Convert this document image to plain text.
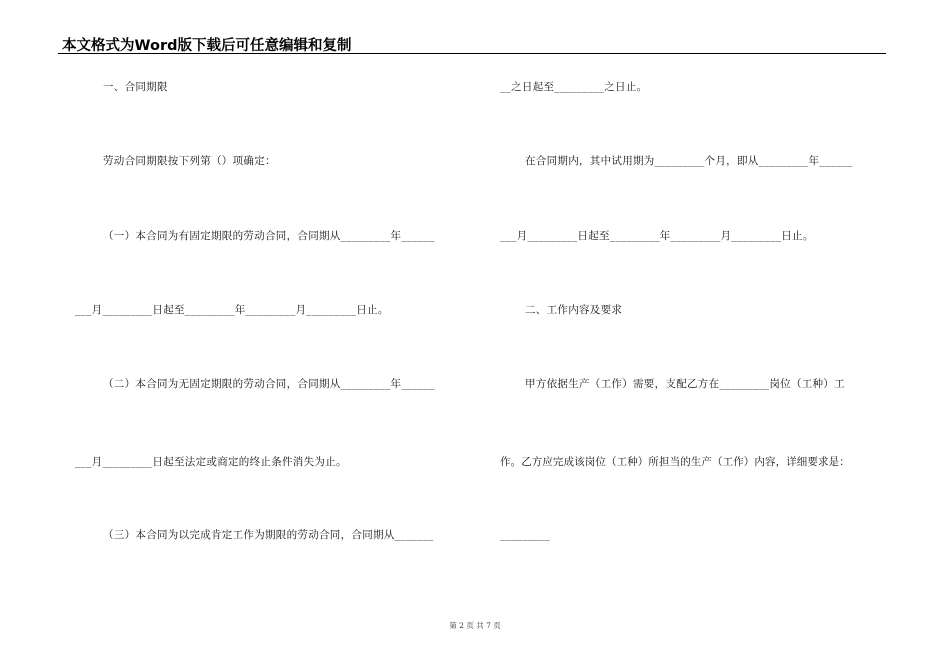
本文格式为Word版下载后可任意编辑和复制
一、合同期限
劳动合同期限按下列第（）项确定：
（一）本合同为有固定期限的劳动合同，合同期从_________年______
___月_________日起至_________年_________月_________日止。
（二）本合同为无固定期限的劳动合同，合同期从_________年______
___月_________日起至法定或商定的终止条件消失为止。
（三）本合同为以完成肯定工作为期限的劳动合同，合同期从_______
__之日起至_________之日止。
在合同期内，其中试用期为_________个月，即从_________年______
___月_________日起至_________年_________月_________日止。
二、工作内容及要求
甲方依据生产（工作）需要，支配乙方在_________岗位（工种）工
作。乙方应完成该岗位（工种）所担当的生产（工作）内容，详细要求是：
_________
第 2 页 共 7 页
